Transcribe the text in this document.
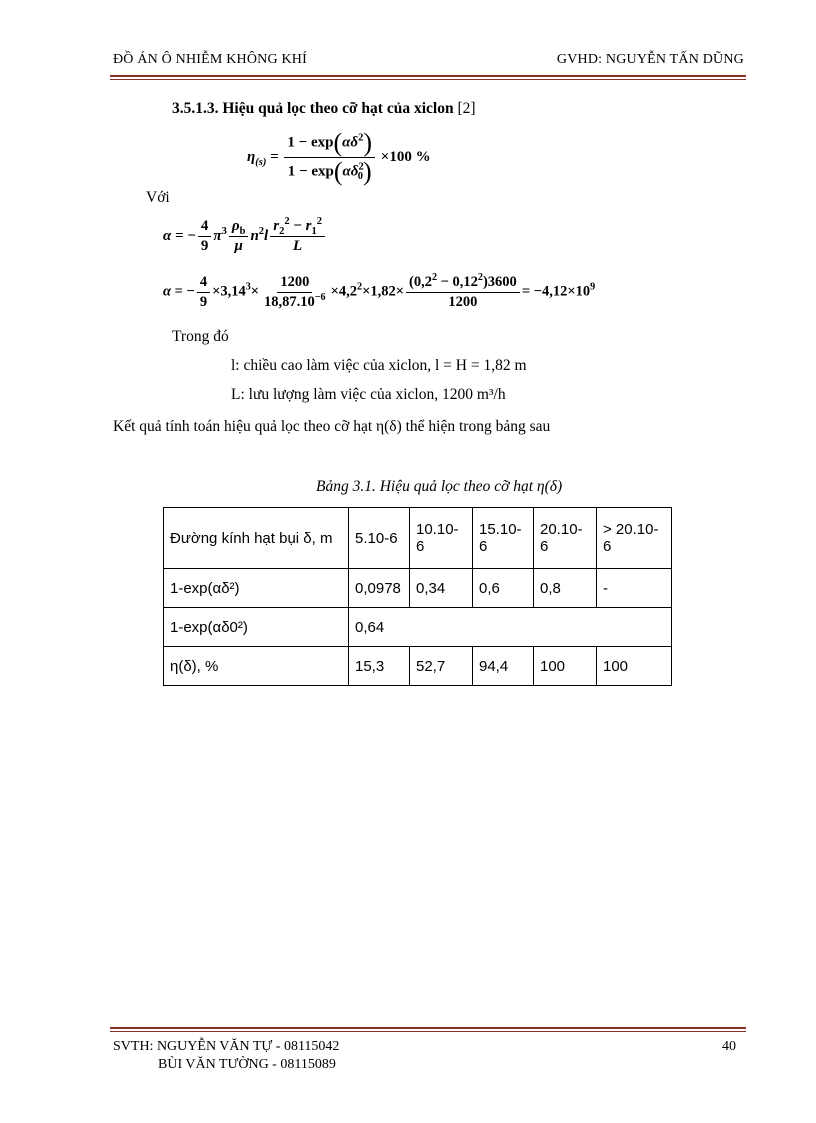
ĐỒ ÁN Ô NHIỄM KHÔNG KHÍ	GVHD: NGUYỄN TẤN DŨNG
3.5.1.3. Hiệu quả lọc theo cỡ hạt của xiclon [2]
$\eta_{(s)} = \frac{1 - \exp(\alpha\delta^2)}{1 - \exp(\alpha\delta^2_0)} \times 100$ %
Với
α = − $\frac{4}{9} \pi^3 \frac{\rho_b}{\mu} n^2l \frac{r_2^2 - r_1^2}{L}$
α = − $\frac{4}{9} \times 3,14^3\times \frac{1200}{18,87.10^{-6}} \times 4,2^2\times 1,82\times \frac{(0,2^2 - 0,12^2)3600}{1200} = -4,12\times 10^9$
Trong đó
l: chiều cao làm việc của xiclon, l = H = 1,82 m
L: lưu lượng làm việc của xiclon, 1200 m³/h
Kết quả tính toán hiệu quả lọc theo cỡ hạt η(δ) thể hiện trong bảng sau
Bảng 3.1. Hiệu quả lọc theo cỡ hạt η(δ)
Đường kính hạt bụi δ, m	5.10-6	10.10-6	15.10-6	20.10-6	> 20.10-6
1-exp(αδ²)	0,0978	0,34	0,6	0,8	-
1-exp(αδ0²)	0,64				
η(δ), %	15,3	52,7	94,4	100	100
SVTH: NGUYỄN VĂN TỰ - 08115042
BÙI VĂN TƯỜNG - 08115089
40
